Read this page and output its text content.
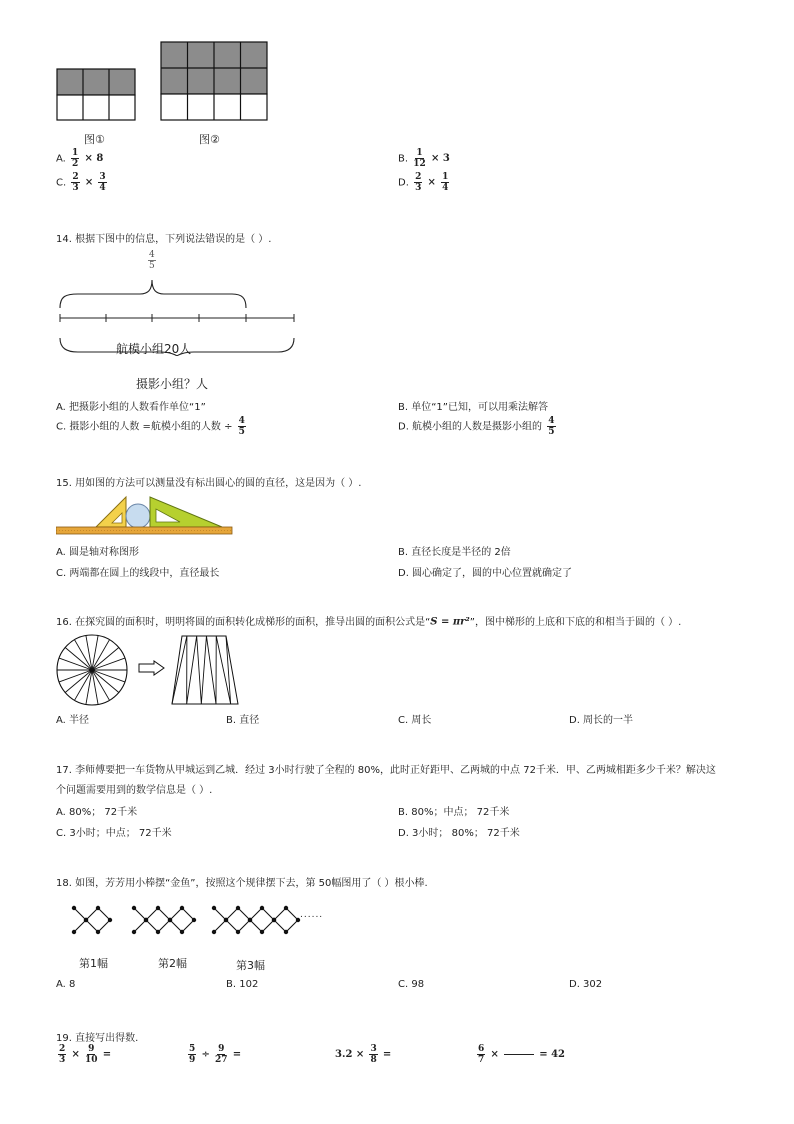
图①	图②
A. $\frac{1}{2} \times 8$	B. $\frac{1}{12} \times 3$
C. $\frac{2}{3} \times \frac{3}{4}$	D. $\frac{2}{3} \times \frac{1}{4}$
14. 根据下图中的信息，下列说法错误的是（ ）.
$\frac{4}{5}$
航模小组20人
摄影小组？人
A. 把摄影小组的人数看作单位“1”	B. 单位“1”已知，可以用乘法解答
C. 摄影小组的人数 =航模小组的人数 ÷ $\frac{4}{5}$	D. 航模小组的人数是摄影小组的 $\frac{4}{5}$
15. 用如图的方法可以测量没有标出圆心的圆的直径，这是因为（ ）.
A. 圆是轴对称图形	B. 直径长度是半径的 2倍
C. 两端都在圆上的线段中，直径最长	D. 圆心确定了，圆的中心位置就确定了
16. 在探究圆的面积时，明明将圆的面积转化成梯形的面积，推导出圆的面积公式是“S = πr²”，图中梯形的上底和下底的和相当于圆的（ ）.
A. 半径	B. 直径	C. 周长	D. 周长的一半
17. 李师傅要把一车货物从甲城运到乙城．经过 3小时行驶了全程的 80%，此时正好距甲、乙两城的中点 72千米．甲、乙两城相距多少千米？解决这
个问题需要用到的数学信息是（ ）.
A. 80%； 72千米	B. 80%；中点； 72千米
C. 3小时；中点； 72千米	D. 3小时； 80%； 72千米
18. 如图，芳芳用小棒摆“金鱼”，按照这个规律摆下去，第 50幅图用了（ ）根小棒.
第1幅	第2幅	第3幅
......
A. 8	B. 102	C. 98	D. 302
19. 直接写出得数.
$\frac{2}{3} \times \frac{9}{10}$ =	$\frac{5}{9} \div \frac{9}{27}$ =	$3.2 \times \frac{3}{8}$ =	$\frac{6}{7}$ ×	= 42
